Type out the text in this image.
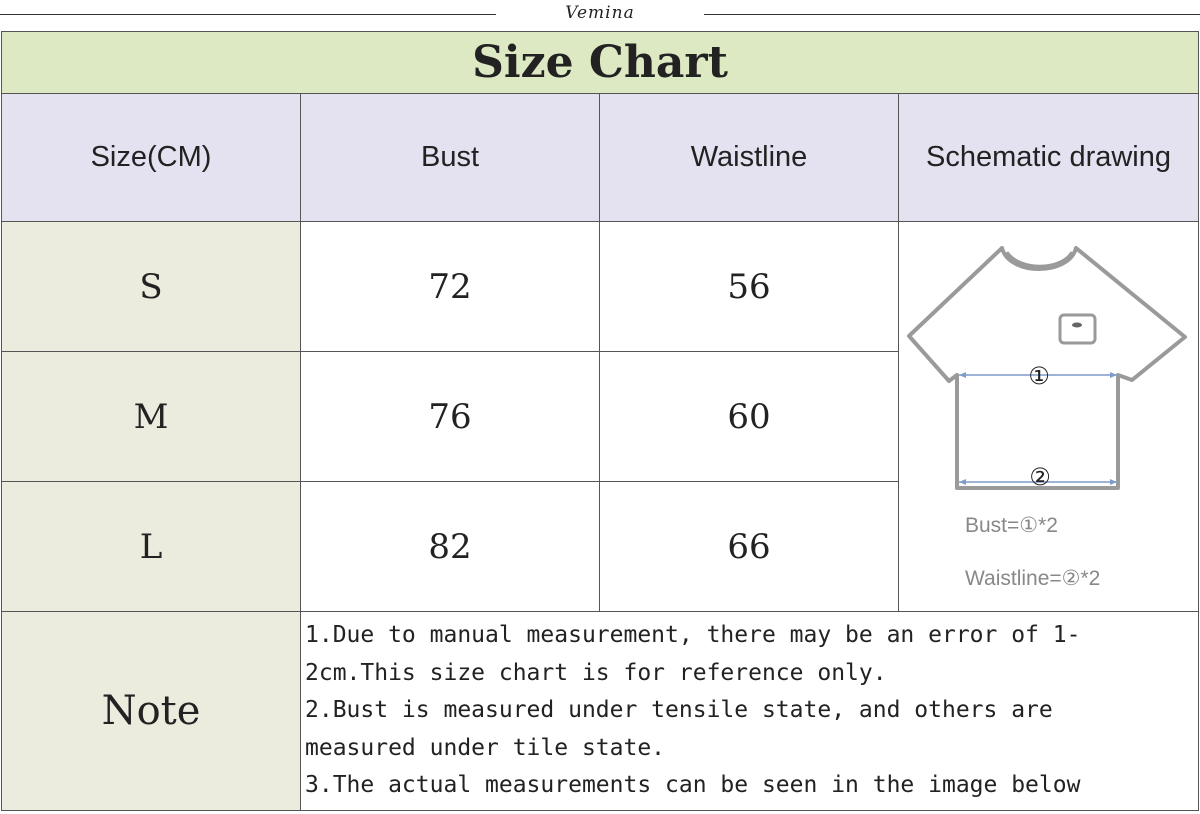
Vemina
Size Chart			
Size(CM)	Bust	Waistline	Schematic drawing
S	72	56	①
②
Bust=①*2
Waistline=②*2

M	76	60	
L	82	66	
Note	1.Due to manual measurement, there may be an error of 1-
2cm.This size chart is for reference only.
2.Bust is measured under tensile state, and others are
measured under tile state.
3.The actual measurements can be seen in the image below		
